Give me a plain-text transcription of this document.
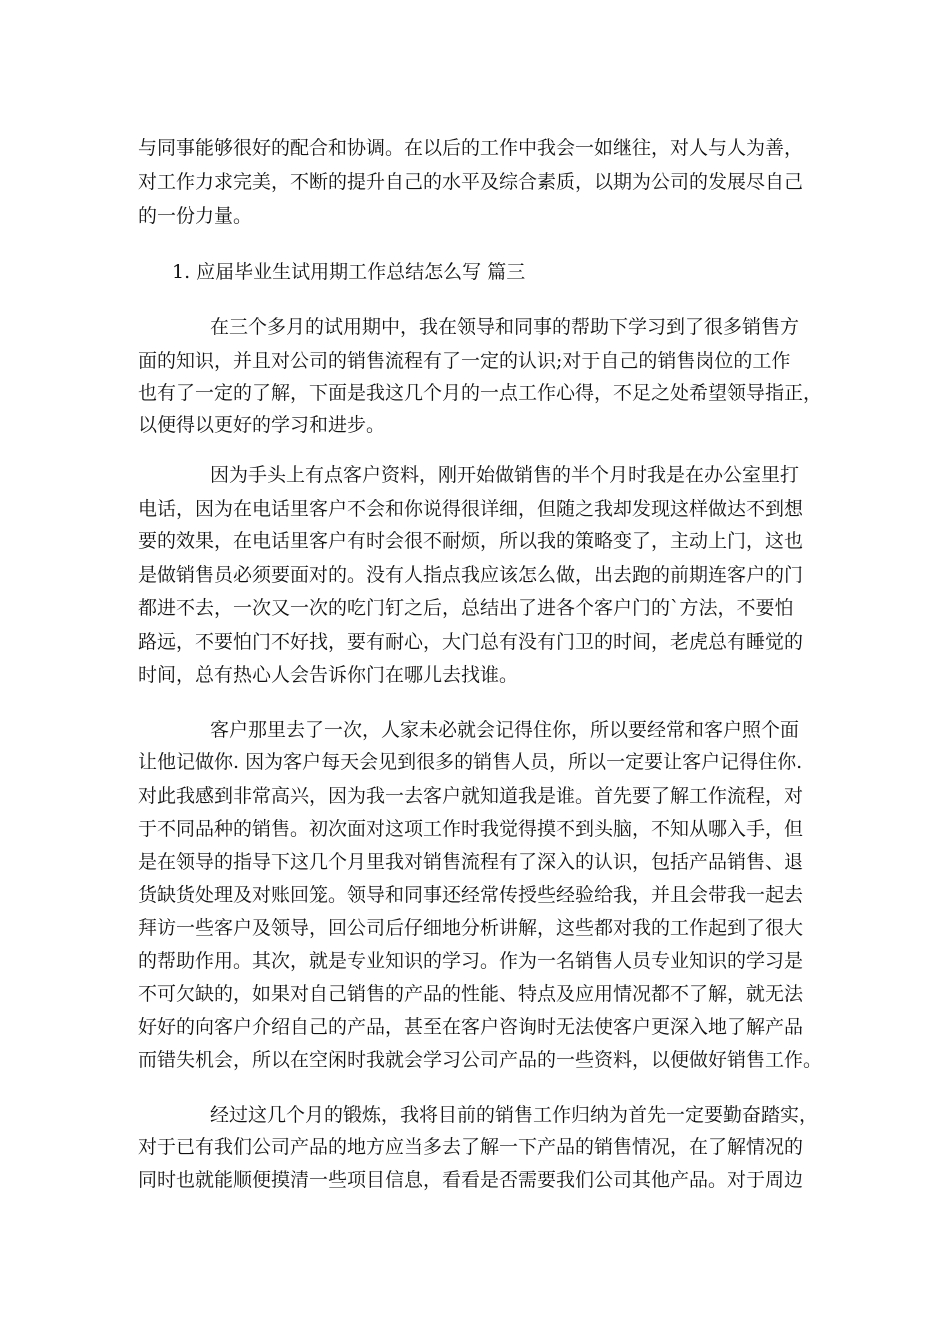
与同事能够很好的配合和协调。在以后的工作中我会一如继往，对人与人为善，
对工作力求完美，不断的提升自己的水平及综合素质，以期为公司的发展尽自己
的一份力量。
1. 应届毕业生试用期工作总结怎么写 篇三
在三个多月的试用期中，我在领导和同事的帮助下学习到了很多销售方
面的知识，并且对公司的销售流程有了一定的认识;对于自己的销售岗位的工作
也有了一定的了解，下面是我这几个月的一点工作心得，不足之处希望领导指正，
以便得以更好的学习和进步。
因为手头上有点客户资料，刚开始做销售的半个月时我是在办公室里打
电话，因为在电话里客户不会和你说得很详细，但随之我却发现这样做达不到想
要的效果，在电话里客户有时会很不耐烦，所以我的策略变了，主动上门，这也
是做销售员必须要面对的。没有人指点我应该怎么做，出去跑的前期连客户的门
都进不去，一次又一次的吃门钉之后，总结出了进各个客户门的`方法，不要怕
路远，不要怕门不好找，要有耐心，大门总有没有门卫的时间，老虎总有睡觉的
时间，总有热心人会告诉你门在哪儿去找谁。
客户那里去了一次，人家未必就会记得住你，所以要经常和客户照个面
让他记做你. 因为客户每天会见到很多的销售人员，所以一定要让客户记得住你.
对此我感到非常高兴，因为我一去客户就知道我是谁。首先要了解工作流程，对
于不同品种的销售。初次面对这项工作时我觉得摸不到头脑，不知从哪入手，但
是在领导的指导下这几个月里我对销售流程有了深入的认识，包括产品销售、退
货缺货处理及对账回笼。领导和同事还经常传授些经验给我，并且会带我一起去
拜访一些客户及领导，回公司后仔细地分析讲解，这些都对我的工作起到了很大
的帮助作用。其次，就是专业知识的学习。作为一名销售人员专业知识的学习是
不可欠缺的，如果对自己销售的产品的性能、特点及应用情况都不了解，就无法
好好的向客户介绍自己的产品，甚至在客户咨询时无法使客户更深入地了解产品
而错失机会，所以在空闲时我就会学习公司产品的一些资料，以便做好销售工作。
经过这几个月的锻炼，我将目前的销售工作归纳为首先一定要勤奋踏实，
对于已有我们公司产品的地方应当多去了解一下产品的销售情况，在了解情况的
同时也就能顺便摸清一些项目信息，看看是否需要我们公司其他产品。对于周边
